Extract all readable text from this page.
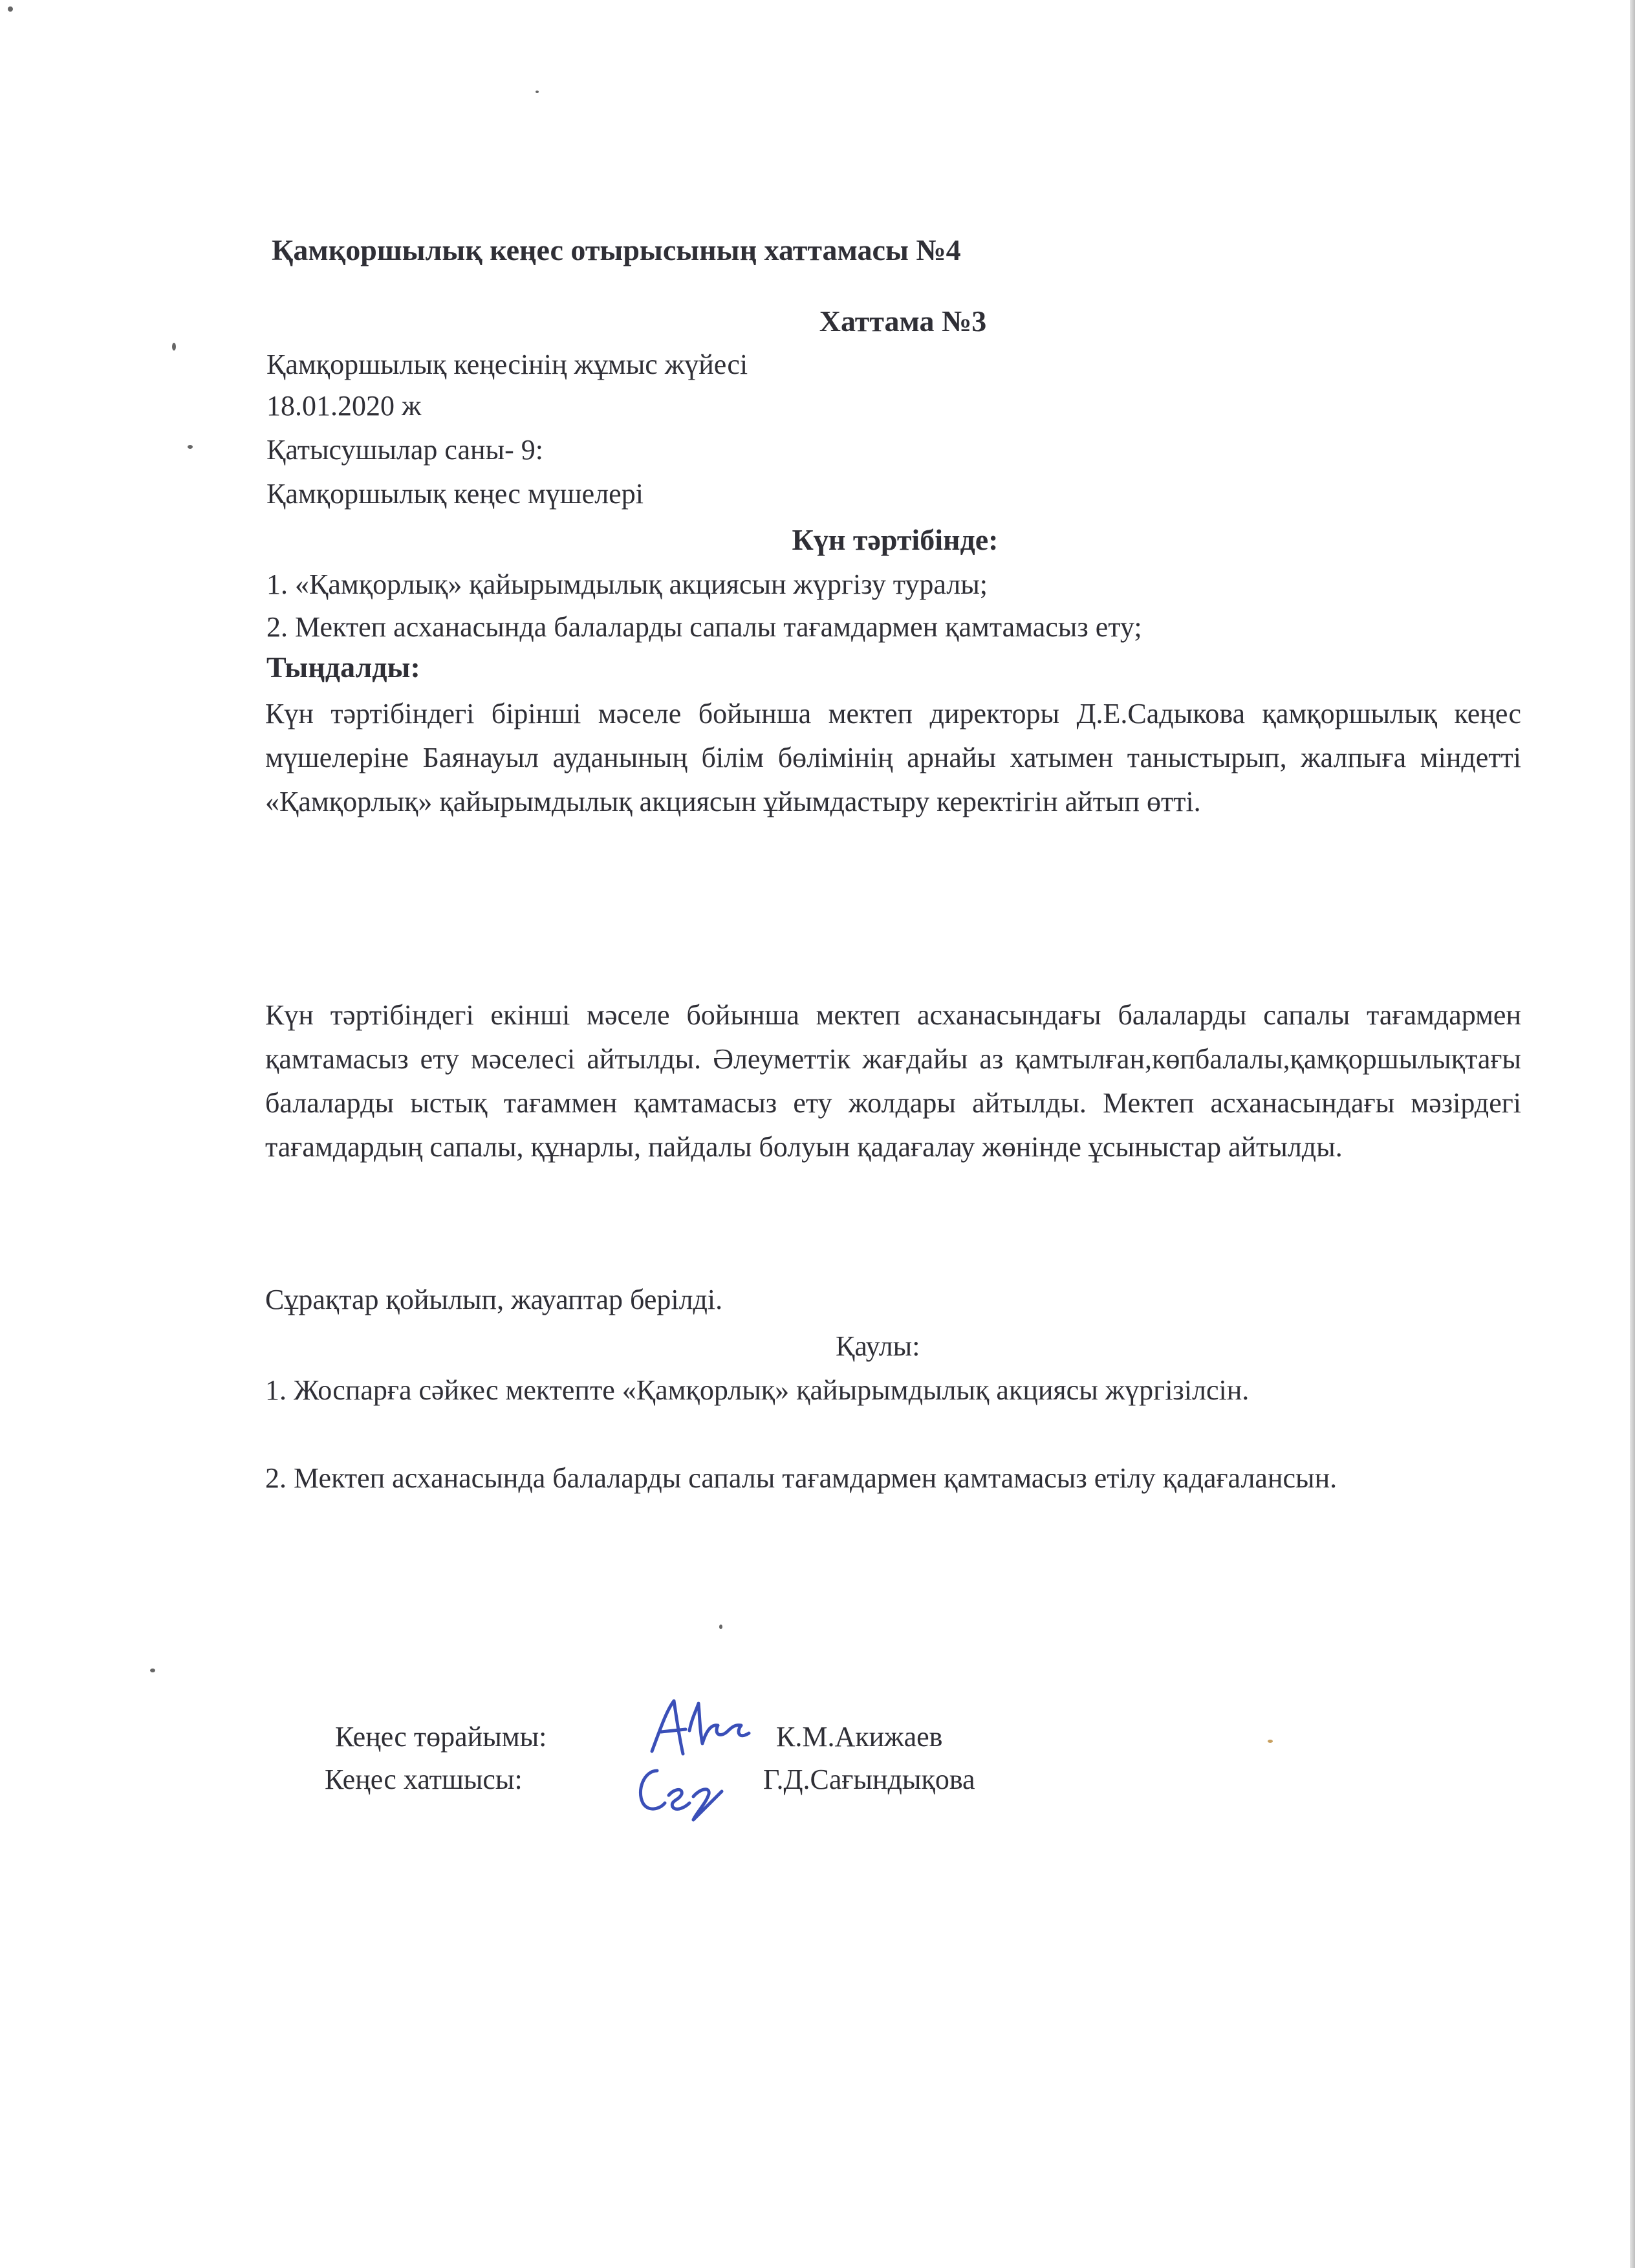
Қамқоршылық кеңес отырысының хаттамасы №4
Хаттама №3
Қамқоршылық кеңесінің жұмыс жүйесі
18.01.2020 ж
Қатысушылар саны- 9:
Қамқоршылық кеңес мүшелері
Күн тәртібінде:
1. «Қамқорлық» қайырымдылық акциясын жүргізу туралы;
2. Мектеп асханасында балаларды сапалы тағамдармен қамтамасыз ету;
Тыңдалды:
Күн тәртібіндегі бірінші мәселе бойынша мектеп директоры Д.Е.Садыкова қамқоршылық кеңес мүшелеріне Баянауыл ауданының білім бөлімінің арнайы хатымен таныстырып, жалпыға міндетті «Қамқорлық» қайырымдылық акциясын ұйымдастыру керектігін айтып өтті.
Күн тәртібіндегі екінші мәселе бойынша мектеп асханасындағы балаларды сапалы тағамдармен қамтамасыз ету мәселесі айтылды. Әлеуметтік жағдайы аз қамтылған,көпбалалы,қамқоршылықтағы балаларды ыстық тағаммен қамтамасыз ету жолдары айтылды. Мектеп асханасындағы мәзірдегі тағамдардың сапалы, құнарлы, пайдалы болуын қадағалау жөнінде ұсыныстар айтылды.
Сұрақтар қойылып, жауаптар берілді.
Қаулы:
1. Жоспарға сәйкес мектепте «Қамқорлық» қайырымдылық акциясы жүргізілсін.
2. Мектеп асханасында балаларды сапалы тағамдармен қамтамасыз етілу қадағалансын.
Кеңес төрайымы:	К.М.Акижаев
Кеңес хатшысы:	Г.Д.Сағындықова
